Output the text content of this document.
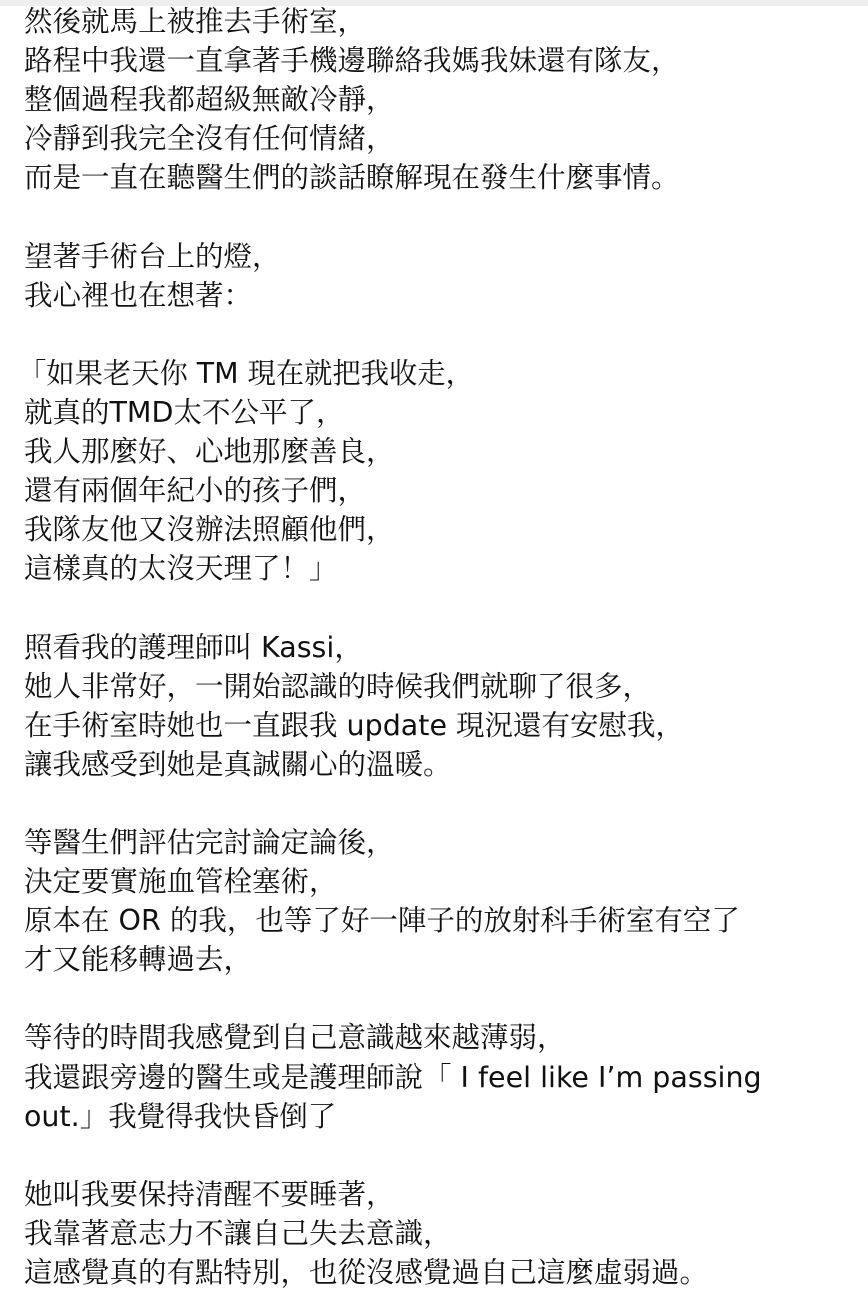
然後就馬上被推去手術室，
路程中我還一直拿著手機邊聯絡我媽我妹還有隊友，
整個過程我都超級無敵冷靜，
冷靜到我完全沒有任何情緒，
而是一直在聽醫生們的談話瞭解現在發生什麼事情。
望著手術台上的燈，
我心裡也在想著：
「如果老天你 TM 現在就把我收走，
就真的TMD太不公平了，
我人那麼好、心地那麼善良，
還有兩個年紀小的孩子們，
我隊友他又沒辦法照顧他們，
這樣真的太沒天理了！」
照看我的護理師叫 Kassi，
她人非常好，一開始認識的時候我們就聊了很多，
在手術室時她也一直跟我 update 現況還有安慰我，
讓我感受到她是真誠關心的溫暖。
等醫生們評估完討論定論後，
決定要實施血管栓塞術，
原本在 OR 的我，也等了好一陣子的放射科手術室有空了
才又能移轉過去，
等待的時間我感覺到自己意識越來越薄弱，
我還跟旁邊的醫生或是護理師說「 I feel like I’m passing
out.」我覺得我快昏倒了
她叫我要保持清醒不要睡著，
我靠著意志力不讓自己失去意識，
這感覺真的有點特別，也從沒感覺過自己這麼虛弱過。
